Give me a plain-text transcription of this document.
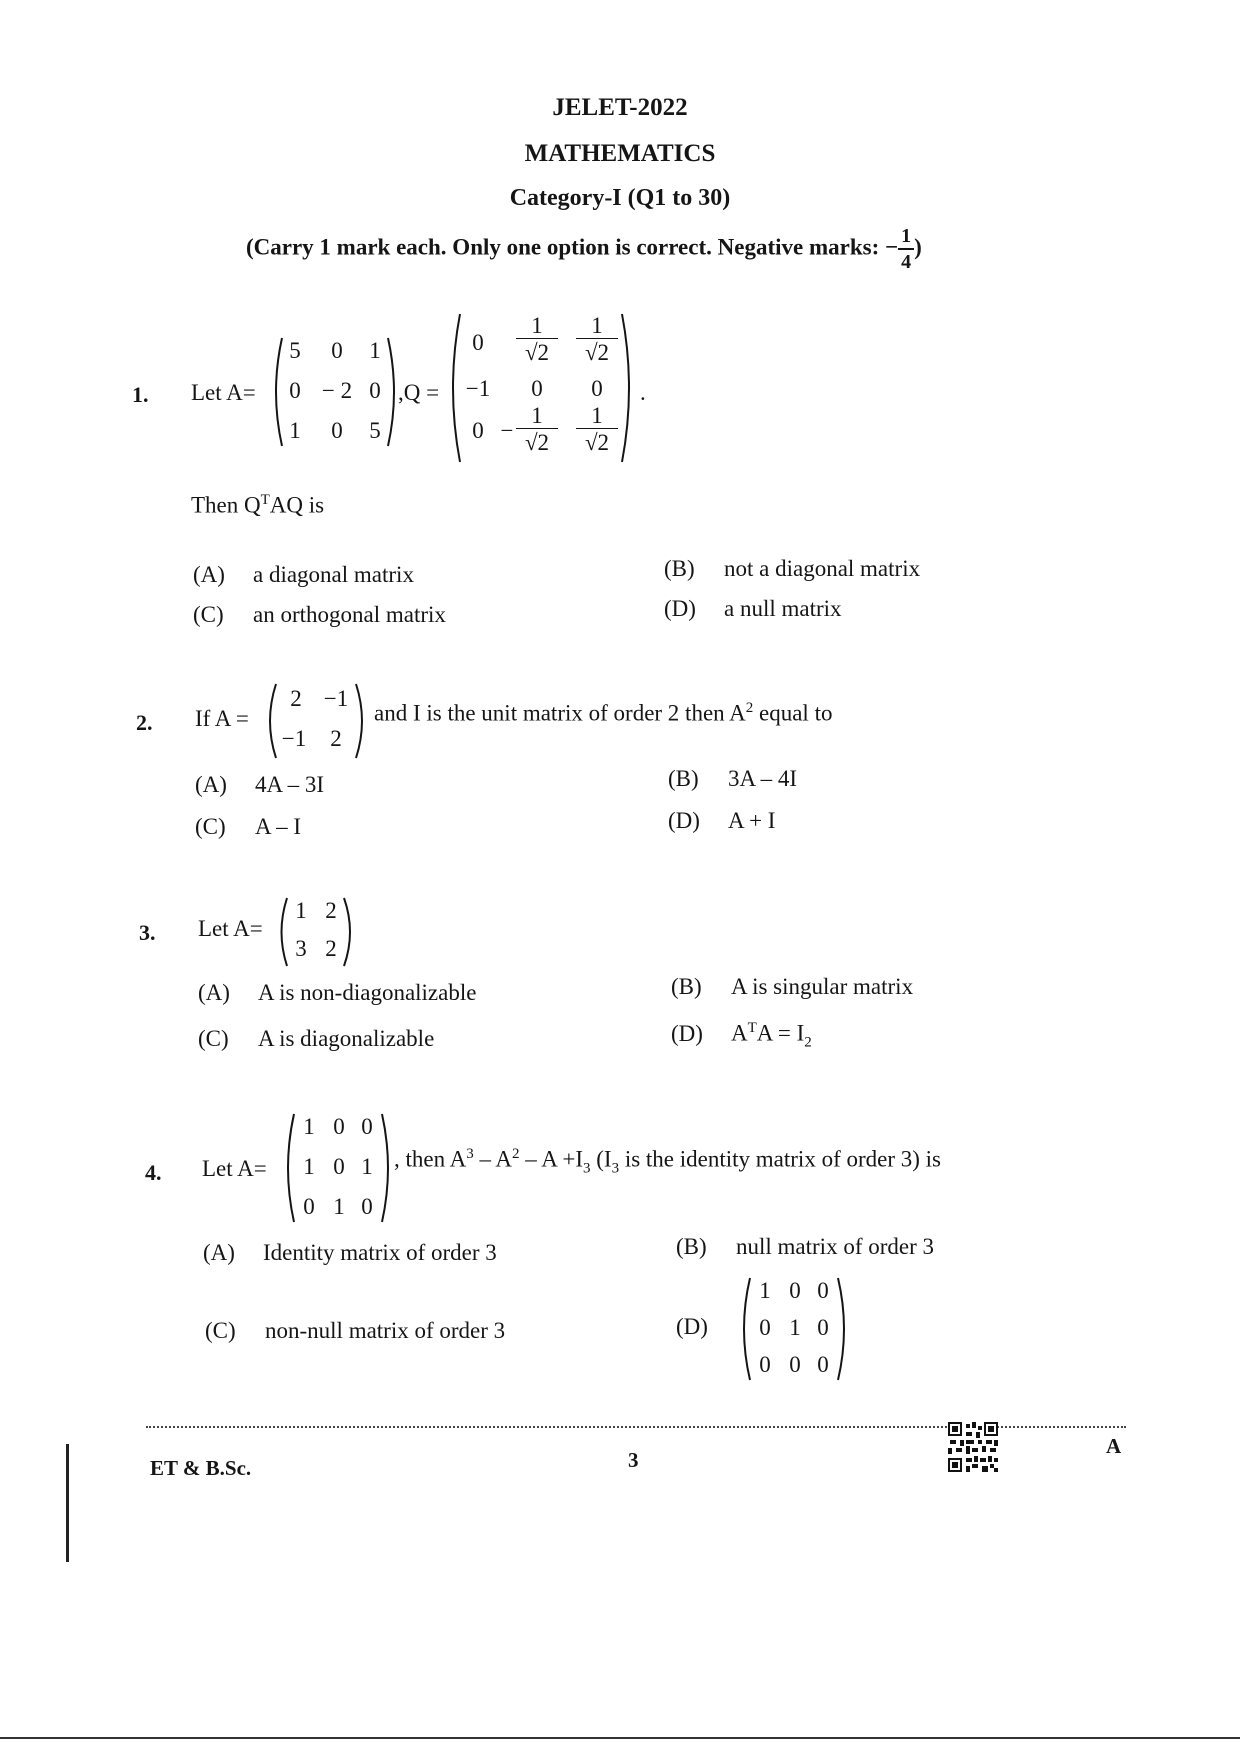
JELET-2022
MATHEMATICS
Category-I (Q1 to 30)
(Carry 1 mark each. Only one option is correct. Negative marks: − $\frac{1}{4}$ )
1. Let A=
5	0	1
0 − 2 0
1	0	5
,Q =
0	$\frac{1}{√2} \frac{1}{√2}$
−1	0	0
$0 - \frac{1}{√2} \frac{1}{√2}$
.
Then $Q^TAQ$ is
(A) a diagonal matrix	(B) not a diagonal matrix
(C) an orthogonal matrix	(D) a null matrix
2. If A =
2 −1
−1	2
and I is the unit matrix of order 2 then $A^2$ equal to
(A) 4A – 3I	(B) 3A – 4I
(C) A – I	(D) A + I
3. Let A=
1 2
3 2
(A) A is non-diagonalizable	(B) A is singular matrix
(C) A is diagonalizable	(D) $A^TA = I_2$
4. Let A=
1 0 0
1 0 1
0 1 0
, then $A^3 - A^2 - A +I_3$ ($I_3$ is the identity matrix of order 3) is
(A) Identity matrix of order 3	(B) null matrix of order 3
(C) non-null matrix of order 3	(D)
1 0 0
0 1 0
0 0 0
ET & B.Sc.	3
A
